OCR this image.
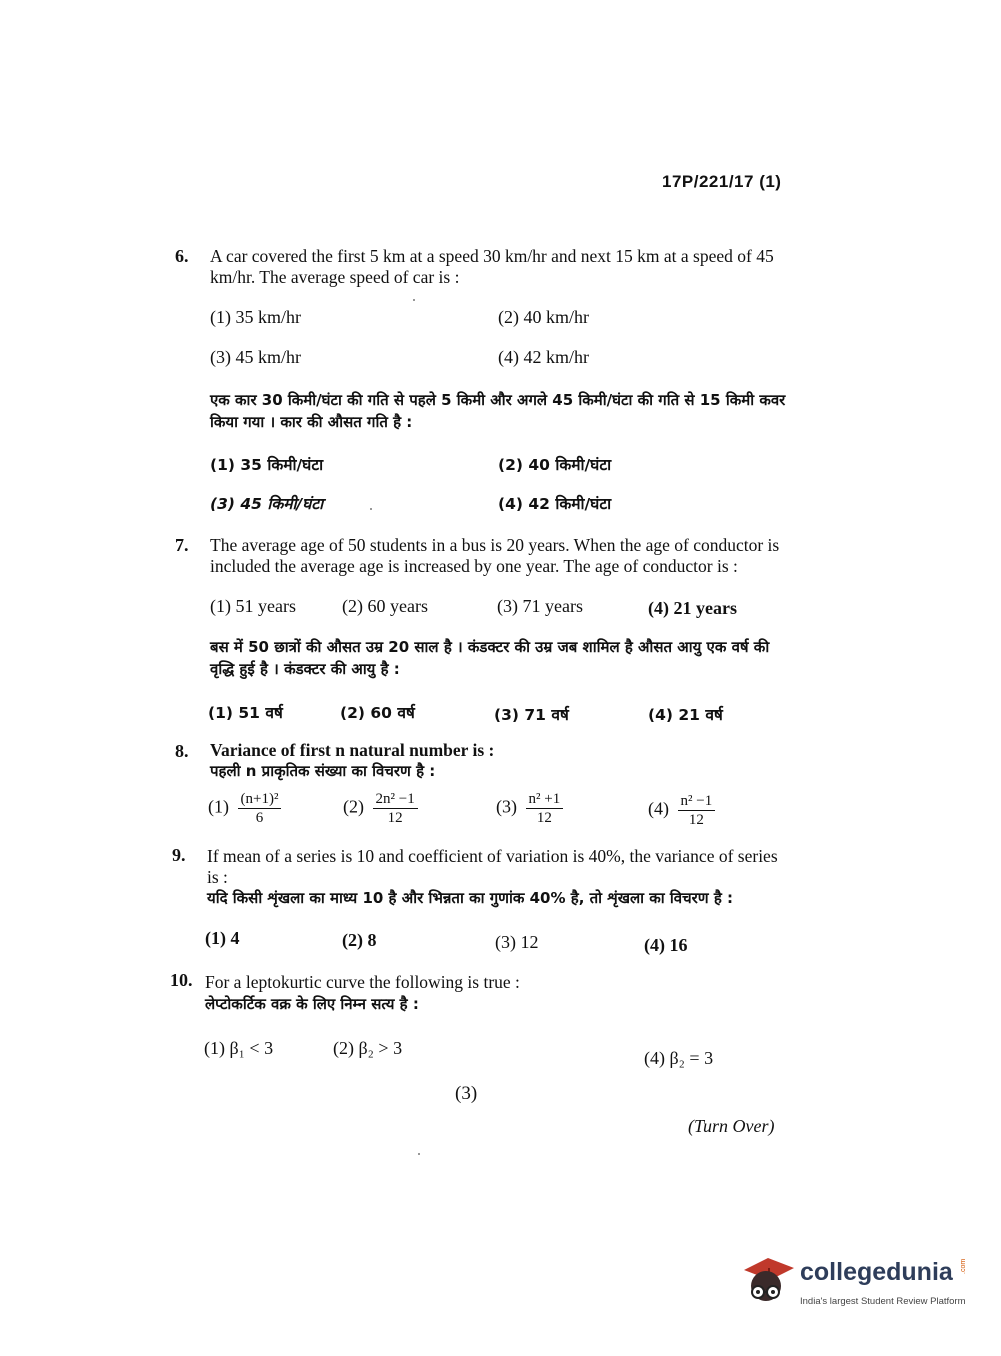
17P/221/17 (1)
6. A car covered the first 5 km at a speed 30 km/hr and next 15 km at a speed of 45 km/hr. The average speed of car is :
(1) 35 km/hr	(2) 40 km/hr
(3) 45 km/hr	(4) 42 km/hr
एक कार 30 किमी/घंटा की गति से पहले 5 किमी और अगले 45 किमी/घंटा की गति से 15 किमी कवर किया गया । कार की औसत गति है :
(1) 35 किमी/घंटा	(2) 40 किमी/घंटा
(3) 45 किमी/घंटा	(4) 42 किमी/घंटा
7. The average age of 50 students in a bus is 20 years. When the age of conductor is included the average age is increased by one year. The age of conductor is :
(1) 51 years	(2) 60 years	(3) 71 years	(4) 21 years
बस में 50 छात्रों की औसत उम्र 20 साल है । कंडक्टर की उम्र जब शामिल है औसत आयु एक वर्ष की वृद्धि हुई है । कंडक्टर की आयु है :
(1) 51 वर्ष	(2) 60 वर्ष	(3) 71 वर्ष	(4) 21 वर्ष
8. Variance of first n natural number is :
पहली n प्राकृतिक संख्या का विचरण है :
$(1) \frac{\text{(n+1)²}}{6}$	$(2) \frac{\text{2n² −1}}{12}$	$(3) \frac{\text{n² +1}}{12}$	$(4) \frac{\text{n² −1}}{12}$
9. If mean of a series is 10 and coefficient of variation is 40%, the variance of series is :
यदि किसी शृंखला का माध्य 10 है और भिन्नता का गुणांक 40% है, तो शृंखला का विचरण है :
(1) 4	(2) 8	(3) 12	(4) 16
10. For a leptokurtic curve the following is true :
लेप्टोकर्टिक वक्र के लिए निम्न सत्य है :
(1) β₁ < 3	(2) β₂ > 3	(4) β₂ = 3
(3)
(Turn Over)
collegedunia .com
India's largest Student Review Platform
